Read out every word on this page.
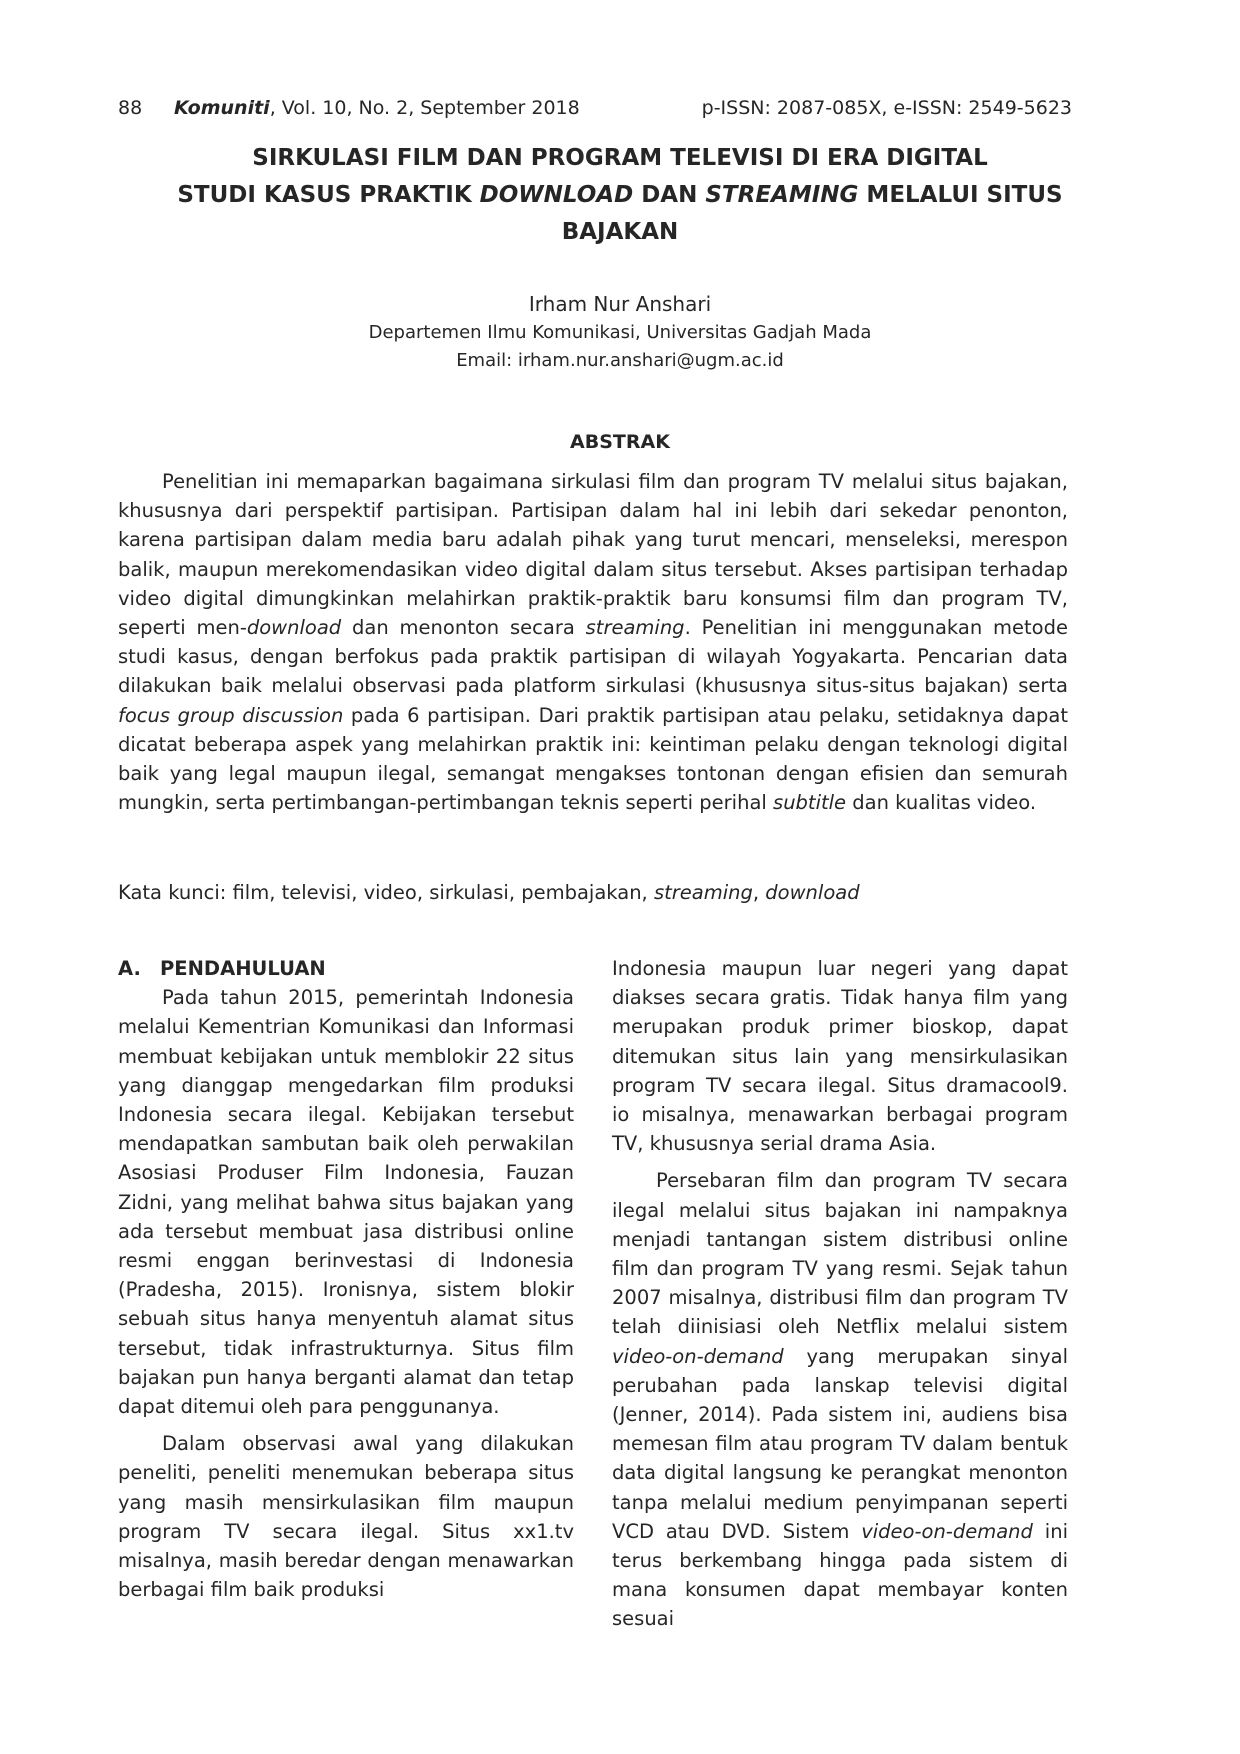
88 Komuniti, Vol. 10, No. 2, September 2018	p-ISSN: 2087-085X, e-ISSN: 2549-5623
SIRKULASI FILM DAN PROGRAM TELEVISI DI ERA DIGITAL
STUDI KASUS PRAKTIK DOWNLOAD DAN STREAMING MELALUI SITUS
BAJAKAN
Irham Nur Anshari
Departemen Ilmu Komunikasi, Universitas Gadjah Mada
Email: irham.nur.anshari@ugm.ac.id
ABSTRAK

Penelitian ini memaparkan bagaimana sirkulasi film dan program TV melalui situs bajakan, khususnya dari perspektif partisipan. Partisipan dalam hal ini lebih dari sekedar penonton, karena partisipan dalam media baru adalah pihak yang turut mencari, menseleksi, merespon balik, maupun merekomendasikan video digital dalam situs tersebut. Akses partisipan terhadap video digital dimungkinkan melahirkan praktik-praktik baru konsumsi film dan program TV, seperti men-download dan menonton secara streaming. Penelitian ini menggunakan metode studi kasus, dengan berfokus pada praktik partisipan di wilayah Yogyakarta. Pencarian data dilakukan baik melalui observasi pada platform sirkulasi (khususnya situs-situs bajakan) serta focus group discussion pada 6 partisipan. Dari praktik partisipan atau pelaku, setidaknya dapat dicatat beberapa aspek yang melahirkan praktik ini: keintiman pelaku dengan teknologi digital baik yang legal maupun ilegal, semangat mengakses tontonan dengan efisien dan semurah mungkin, serta pertimbangan-pertimbangan teknis seperti perihal subtitle dan kualitas video.

Kata kunci: film, televisi, video, sirkulasi, pembajakan, streaming, download
A. PENDAHULUAN

Pada tahun 2015, pemerintah Indonesia melalui Kementrian Komunikasi dan Informasi membuat kebijakan untuk memblokir 22 situs yang dianggap mengedarkan film produksi Indonesia secara ilegal. Kebijakan tersebut mendapatkan sambutan baik oleh perwakilan Asosiasi Produser Film Indonesia, Fauzan Zidni, yang melihat bahwa situs bajakan yang ada tersebut membuat jasa distribusi online resmi enggan berinvestasi di Indonesia (Pradesha, 2015). Ironisnya, sistem blokir sebuah situs hanya menyentuh alamat situs tersebut, tidak infrastrukturnya. Situs film bajakan pun hanya berganti alamat dan tetap dapat ditemui oleh para penggunanya.

Dalam observasi awal yang dilakukan peneliti, peneliti menemukan beberapa situs yang masih mensirkulasikan film maupun program TV secara ilegal. Situs xx1.tv misalnya, masih beredar dengan menawarkan berbagai film baik produksi

Indonesia maupun luar negeri yang dapat diakses secara gratis. Tidak hanya film yang merupakan produk primer bioskop, dapat ditemukan situs lain yang mensirkulasikan program TV secara ilegal. Situs dramacool9. io misalnya, menawarkan berbagai program TV, khususnya serial drama Asia.

Persebaran film dan program TV secara ilegal melalui situs bajakan ini nampaknya menjadi tantangan sistem distribusi online film dan program TV yang resmi. Sejak tahun 2007 misalnya, distribusi film dan program TV telah diinisiasi oleh Netflix melalui sistem video-on-demand yang merupakan sinyal perubahan pada lanskap televisi digital (Jenner, 2014). Pada sistem ini, audiens bisa memesan film atau program TV dalam bentuk data digital langsung ke perangkat menonton tanpa melalui medium penyimpanan seperti VCD atau DVD. Sistem video-on-demand ini terus berkembang hingga pada sistem di mana konsumen dapat membayar konten sesuai
